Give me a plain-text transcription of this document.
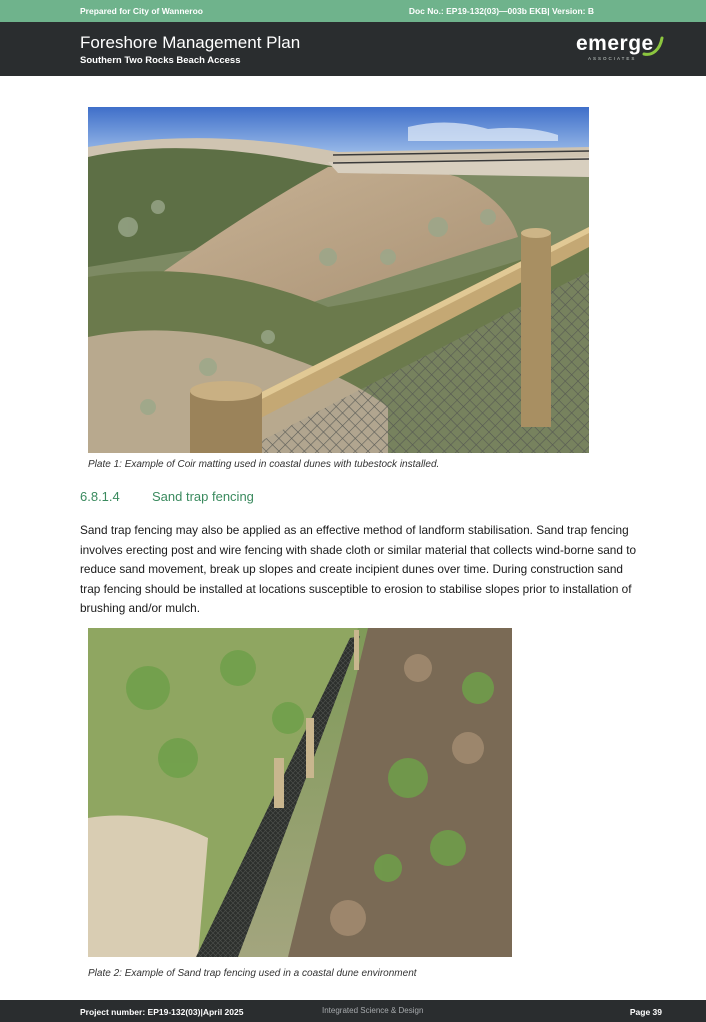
Prepared for City of Wanneroo	Doc No.: EP19-132(03)—003b EKB| Version: B
Foreshore Management Plan
Southern Two Rocks Beach Access
emerge
ASSOCIATES
Plate 1: Example of Coir matting used in coastal dunes with tubestock installed.
6.8.1.4 Sand trap fencing
Sand trap fencing may also be applied as an effective method of landform stabilisation. Sand trap fencing involves erecting post and wire fencing with shade cloth or similar material that collects wind-borne sand to reduce sand movement, break up slopes and create incipient dunes over time. During construction sand trap fencing should be installed at locations susceptible to erosion to stabilise slopes prior to installation of brushing and/or mulch.
Plate 2: Example of Sand trap fencing used in a coastal dune environment
Project number: EP19-132(03)|April 2025	Integrated Science & Design	Page 39
